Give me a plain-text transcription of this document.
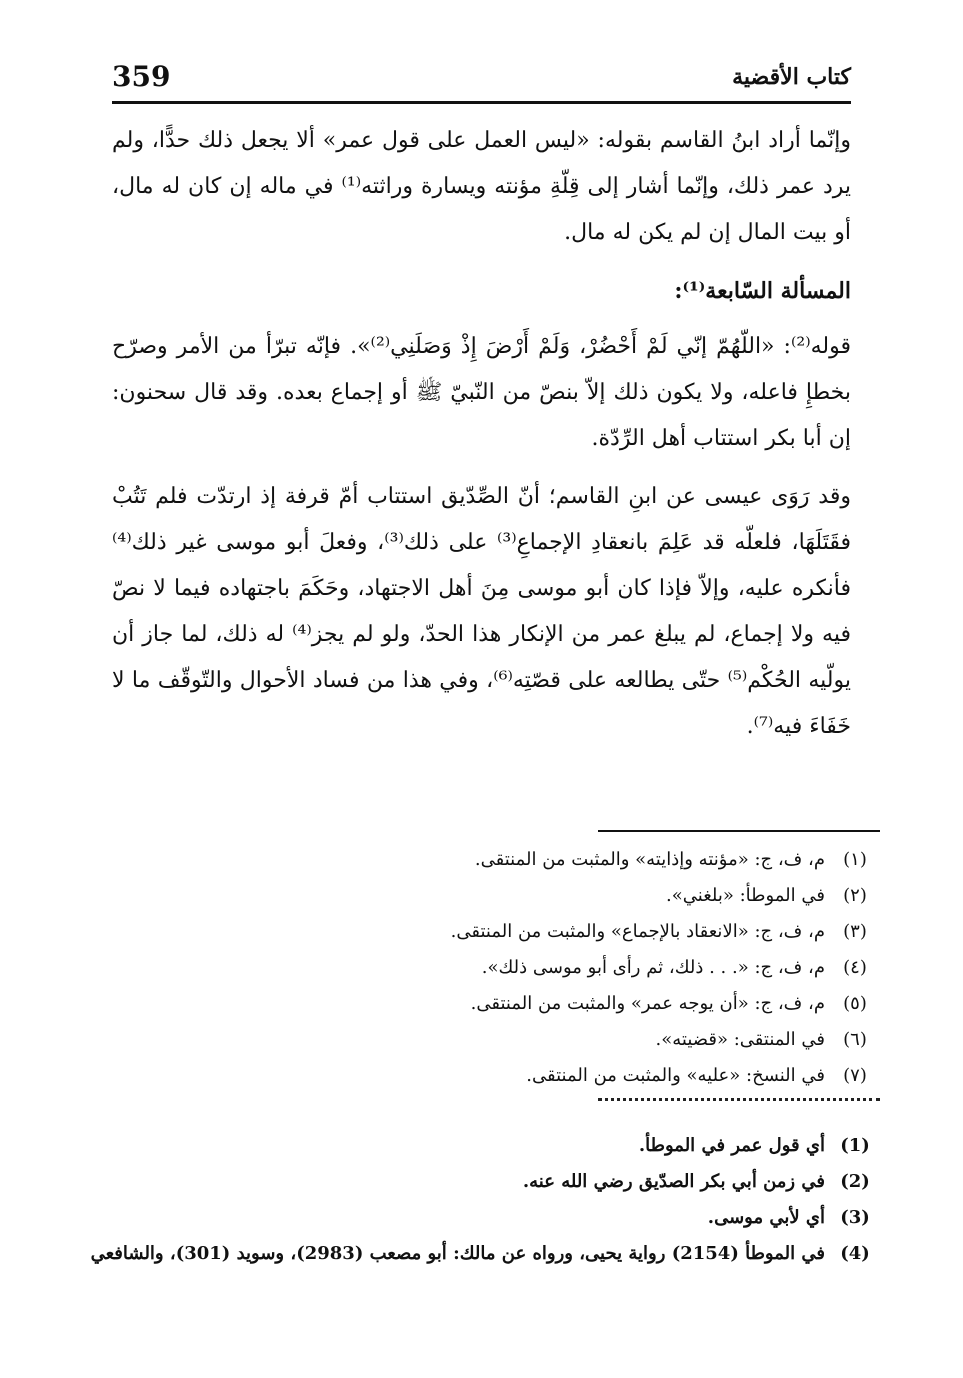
كتاب الأقضية
359

وإنّما أراد ابنُ القاسم بقوله: «ليس العمل على قول عمر» ألا يجعل ذلك حدًّا، ولم يرد عمر ذلك، وإنّما أشار إلى قِلّةِ مؤنته ويسارة وراثته⁽¹⁾ في ماله إن كان له مال، أو بيت المال إن لم يكن له مال.

المسألة السّابعة⁽¹⁾:

قوله⁽²⁾: «اللّهُمّ إنّي لَمْ أَحْضُرْ، وَلَمْ أَرْضَ إِذْ وَصَلَنِي⁽²⁾». فإنّه تبرّأ من الأمر وصرّح بخطإِ فاعله، ولا يكون ذلك إلاّ بنصّ من النّبيّ ﷺ أو إجماع بعده. وقد قال سحنون: إن أبا بكر استتاب أهل الرِّدّة.

وقد رَوَى عيسى عن ابنِ القاسم؛ أنّ الصِّدّيق استتاب أمّ قرفة إذ ارتدّت فلم تَتُبْ فقَتَلَهَا، فلعلّه قد عَلِمَ بانعقادِ الإجماعِ⁽³⁾ على ذلك⁽³⁾، وفعلَ أبو موسى غير ذلك⁽⁴⁾ فأنكره عليه، وإلاّ فإذا كان أبو موسى مِنَ أهل الاجتهاد، وحَكَمَ باجتهاده فيما لا نصّ فيه ولا إجماع، لم يبلغ عمر من الإنكار هذا الحدّ، ولو لم يجز⁽⁴⁾ له ذلك، لما جاز أن يولّيه الحُكْم⁽⁵⁾ حتّى يطالعه على قصّتِه⁽⁶⁾، وفي هذا من فساد الأحوال والتّوقّف ما لا خَفَاءَ فيه⁽⁷⁾.

(١)
م، ف، ج: «مؤنته وإذايته» والمثبت من المنتقى.
(٢)
في الموطأ: «بلغني».
(٣)
م، ف، ج: «الانعقاد بالإجماع» والمثبت من المنتقى.
(٤)
م، ف، ج: «. . . ذلك، ثم رأى أبو موسى ذلك».
(٥)
م، ف، ج: «أن يوجه عمر» والمثبت من المنتقى.
(٦)
في المنتقى: «قضيته».
(٧)
في النسخ: «عليه» والمثبت من المنتقى.
(1)
أي قول عمر في الموطأ.
(2)
في زمن أبي بكر الصدّيق رضي الله عنه.
(3)
أي لأبي موسى.
(4)
في الموطأ (2154) رواية يحيى، ورواه عن مالك: أبو مصعب (2983)، وسويد (301)، والشافعي
